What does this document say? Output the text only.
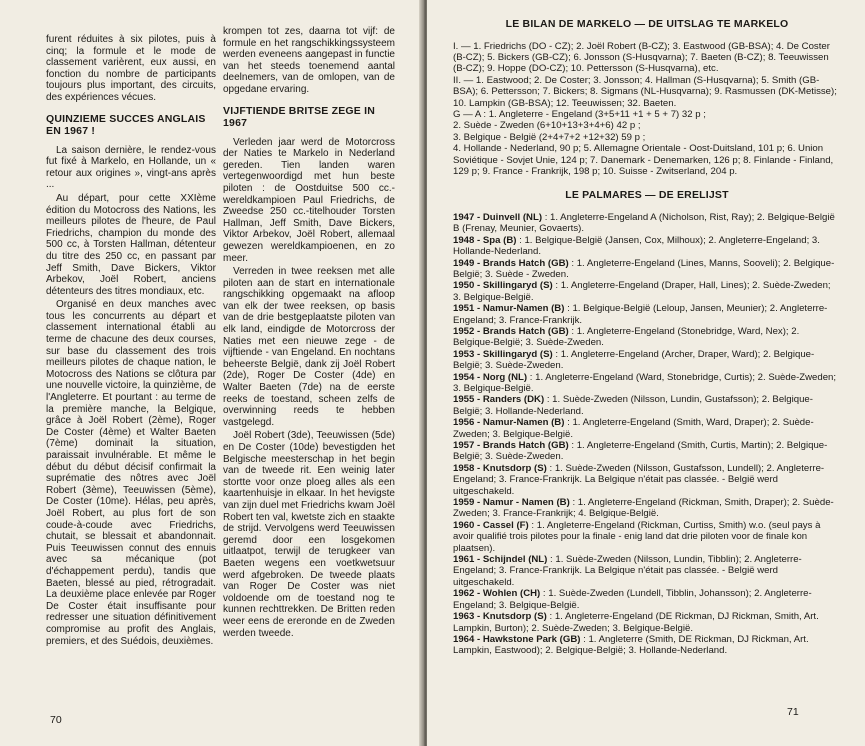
furent réduites à six pilotes, puis à cinq; la formule et le mode de classement varièrent, eux aussi, en fonction du nombre de participants toujours plus important, des circuits, des expériences vécues.

QUINZIEME SUCCES ANGLAIS EN 1967 !

La saison dernière, le rendez-vous fut fixé à Markelo, en Hollande, un « retour aux origines », vingt-ans après ...

Au départ, pour cette XXIème édition du Motocross des Nations, les meilleurs pilotes de l'heure, de Paul Friedrichs, champion du monde des 500 cc, à Torsten Hallman, détenteur du titre des 250 cc, en passant par Jeff Smith, Dave Bickers, Viktor Arbekov, Joël Robert, anciens détenteurs des titres mondiaux, etc.

Organisé en deux manches avec tous les concurrents au départ et classement international établi au terme de chacune des deux courses, sur base du classement des trois meilleurs pilotes de chaque nation, le Motocross des Nations se clôtura par une nouvelle victoire, la quinzième, de l'Angleterre. Et pourtant : au terme de la première manche, la Belgique, grâce à Joël Robert (2ème), Roger De Coster (4ème) et Walter Baeten (7ème) dominait la situation, paraissait invulnérable. Et même le début du début décisif confirmait la suprématie des nôtres avec Joël Robert (3ème), Teeuwissen (5ème), De Coster (10me). Hélas, peu après, Joël Robert, au plus fort de son coude-à-coude avec Friedrichs, chutait, se blessait et abandonnait. Puis Teeuwissen connut des ennuis avec sa mécanique (pot d'échappement perdu), tandis que Baeten, blessé au pied, rétrogradait. La deuxième place enlevée par Roger De Coster était insuffisante pour redresser une situation définitivement compromise au profit des Anglais, premiers, et des Suédois, deuxièmes.

krompen tot zes, daarna tot vijf: de formule en het rangschikkingssysteem werden eveneens aangepast in functie van het steeds toenemend aantal deelnemers, van de omlopen, van de opgedane ervaring.

VIJFTIENDE BRITSE ZEGE IN 1967

Verleden jaar werd de Motorcross der Naties te Markelo in Nederland gereden. Tien landen waren vertegenwoordigd met hun beste piloten : de Oostduitse 500 cc.-wereldkampioen Paul Friedrichs, de Zweedse 250 cc.-titelhouder Torsten Hallman, Jeff Smith, Dave Bickers, Viktor Arbekov, Joël Robert, allemaal gewezen wereldkampioenen, en zo meer.

Verreden in twee reeksen met alle piloten aan de start en internationale rangschikking opgemaakt na afloop van elk der twee reeksen, op basis van de drie bestgeplaatste piloten van elk land, eindigde de Motorcross der Naties met een nieuwe zege - de vijftiende - van Engeland. En nochtans beheerste België, dank zij Joël Robert (2de), Roger De Coster (4de) en Walter Baeten (7de) na de eerste reeks de toestand, scheen zelfs de overwinning reeds te hebben vastgelegd.

Joël Robert (3de), Teeuwissen (5de) en De Coster (10de) bevestigden het Belgische meesterschap in het begin van de tweede rit. Een weinig later stortte voor onze ploeg alles als een kaartenhuisje in elkaar. In het hevigste van zijn duel met Friedrichs kwam Joël Robert ten val, kwetste zich en staakte de strijd. Vervolgens werd Teeuwissen geremd door een losgekomen uitlaatpot, terwijl de terugkeer van Baeten wegens een voetkwetsuur werd afgebroken. De tweede plaats van Roger De Coster was niet voldoende om de toestand nog te kunnen rechttrekken. De Britten reden weer eens de ereronde en de Zweden werden tweede.

70
LE BILAN DE MARKELO — DE UITSLAG TE MARKELO

I. — 1. Friedrichs (DO - CZ); 2. Joël Robert (B-CZ); 3. Eastwood (GB-BSA); 4. De Coster (B-CZ); 5. Bickers (GB-CZ); 6. Jonsson (S-Husqvarna); 7. Baeten (B-CZ); 8. Teeuwissen (B-CZ); 9. Hoppe (DO-CZ); 10. Pettersson (S-Husqvarna), etc.

II. — 1. Eastwood; 2. De Coster; 3. Jonsson; 4. Hallman (S-Husqvarna); 5. Smith (GB-BSA); 6. Pettersson; 7. Bickers; 8. Sigmans (NL-Husqvarna); 9. Rasmussen (DK-Metisse); 10. Lampkin (GB-BSA); 12. Teeuwissen; 32. Baeten.

G — A : 1. Angleterre - Engeland (3+5+11 +1 + 5 + 7) 32 p ;

2. Suède - Zweden (6+10+13+3+4+6) 42 p ;

3. Belgique - België (2+4+7+2 +12+32) 59 p ;

4. Hollande - Nederland, 90 p; 5. Allemagne Orientale - Oost-Duitsland, 101 p; 6. Union Soviétique - Sovjet Unie, 124 p; 7. Danemark - Denemarken, 126 p; 8. Finlande - Finland, 129 p; 9. France - Frankrijk, 198 p; 10. Suisse - Zwitserland, 204 p.

LE PALMARES — DE ERELIJST

1947 - Duinvell (NL) : 1. Angleterre-Engeland A (Nicholson, Rist, Ray); 2. Belgique-België B (Frenay, Meunier, Govaerts).

1948 - Spa (B) : 1. Belgique-België (Jansen, Cox, Milhoux); 2. Angleterre-Engeland; 3. Hollande-Nederland.

1949 - Brands Hatch (GB) : 1. Angleterre-Engeland (Lines, Manns, Sooveli); 2. Belgique-België; 3. Suède - Zweden.

1950 - Skillingaryd (S) : 1. Angleterre-Engeland (Draper, Hall, Lines); 2. Suède-Zweden; 3. Belgique-België.

1951 - Namur-Namen (B) : 1. Belgique-België (Leloup, Jansen, Meunier); 2. Angleterre-Engeland; 3. France-Frankrijk.

1952 - Brands Hatch (GB) : 1. Angleterre-Engeland (Stonebridge, Ward, Nex); 2. Belgique-België; 3. Suède-Zweden.

1953 - Skillingaryd (S) : 1. Angleterre-Engeland (Archer, Draper, Ward); 2. Belgique-België; 3. Suède-Zweden.

1954 - Norg (NL) : 1. Angleterre-Engeland (Ward, Stonebridge, Curtis); 2. Suède-Zweden; 3. Belgique-België.

1955 - Randers (DK) : 1. Suède-Zweden (Nilsson, Lundin, Gustafsson); 2. Belgique-België; 3. Hollande-Nederland.

1956 - Namur-Namen (B) : 1. Angleterre-Engeland (Smith, Ward, Draper); 2. Suède-Zweden; 3. Belgique-België.

1957 - Brands Hatch (GB) : 1. Angleterre-Engeland (Smith, Curtis, Martin); 2. Belgique-België; 3. Suède-Zweden.

1958 - Knutsdorp (S) : 1. Suède-Zweden (Nilsson, Gustafsson, Lundell); 2. Angleterre-Engeland; 3. France-Frankrijk. La Belgique n'était pas classée. - België werd uitgeschakeld.

1959 - Namur - Namen (B) : 1. Angleterre-Engeland (Rickman, Smith, Draper); 2. Suède-Zweden; 3. France-Frankrijk; 4. Belgique-België.

1960 - Cassel (F) : 1. Angleterre-Engeland (Rickman, Curtiss, Smith) w.o. (seul pays à avoir qualifié trois pilotes pour la finale - enig land dat drie piloten voor de finale kon plaatsen).

1961 - Schijndel (NL) : 1. Suède-Zweden (Nilsson, Lundin, Tibblin); 2. Angleterre-Engeland; 3. France-Frankrijk. La Belgique n'était pas classée. - België werd uitgeschakeld.

1962 - Wohlen (CH) : 1. Suède-Zweden (Lundell, Tibblin, Johansson); 2. Angleterre-Engeland; 3. Belgique-België.

1963 - Knutsdorp (S) : 1. Angleterre-Engeland (DE Rickman, DJ Rickman, Smith, Art. Lampkin, Burton); 2. Suède-Zweden; 3. Belgique-België.

1964 - Hawkstone Park (GB) : 1. Angleterre (Smith, DE Rickman, DJ Rickman, Art. Lampkin, Eastwood); 2. Belgique-België; 3. Hollande-Nederland.

71
